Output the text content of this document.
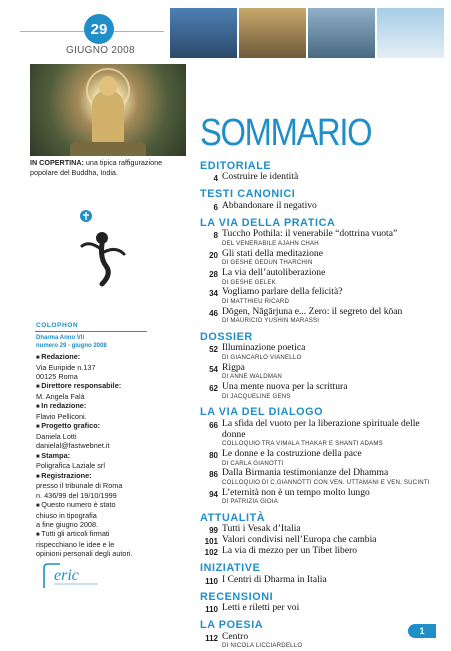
29
GIUGNO 2008
IN COPERTINA: una tipica raffigurazione popolare del Buddha, India.
COLOPHON
Dharma Anno VII
numero 29 - giugno 2008
■ Redazione:
Via Euripide n.137
00125 Roma
■ Direttore responsabile:
M. Angela Falà
■ In redazione:
Flavio Pelliconi.
■ Progetto grafico:
Daniela Lotti
danielal@fastwebnet.it
■ Stampa:
Poligrafica Laziale srl
■ Registrazione:
presso il tribunale di Roma
n. 436/99 del 19/10/1999
■ Questo numero è stato
chiuso in tipografia
a fine giugno 2008.
■ Tutti gli articoli firmati
rispecchiano le idee e le
opinioni personali degli autori.
eric
SOMMARIO
EDITORIALE
4 Costruire le identità
TESTI CANONICI
6 Abbandonare il negativo
LA VIA DELLA PRATICA
8 Tuccho Pothila: il venerabile “dottrina vuota”
DEL VENERABILE AJAHN CHAH
20 Gli stati della meditazione
DI GESHE GEDUN THARCHIN
28 La via dell’autoliberazione
DI GESHE GELEK
34 Vogliamo parlare della felicità?
DI MATTHIEU RICARD
46 Dōgen, Nāgārjuna e... Zero: il segreto del kōan
DI MAURICIO YUSHIN MARASSI
DOSSIER
52 Illuminazione poetica
DI GIANCARLO VIANELLO
54 Rigpa
DI ANNE WALDMAN
62 Una mente nuova per la scrittura
DI JACQUELINE GENS
LA VIA DEL DIALOGO
66 La sfida del vuoto per la liberazione spirituale delle donne
COLLOQUIO TRA VIMALA THAKAR E SHANTI ADAMS
80 Le donne e la costruzione della pace
DI CARLA GIANOTTI
86 Dalla Birmania testimonianze del Dhamma
COLLOQUIO DI C.GIANNOTTI CON VEN. UTTAMANI E VEN. SUCINTI
94 L’eternità non è un tempo molto lungo
DI PATRIZIA GIOIA
ATTUALITÀ
99 Tutti i Vesak d’Italia
101 Valori condivisi nell’Europa che cambia
102 La via di mezzo per un Tibet libero
INIZIATIVE
110 I Centri di Dharma in Italia
RECENSIONI
110 Letti e riletti per voi
LA POESIA
112 Centro
DI NICOLA LICCIARDELLO
1
